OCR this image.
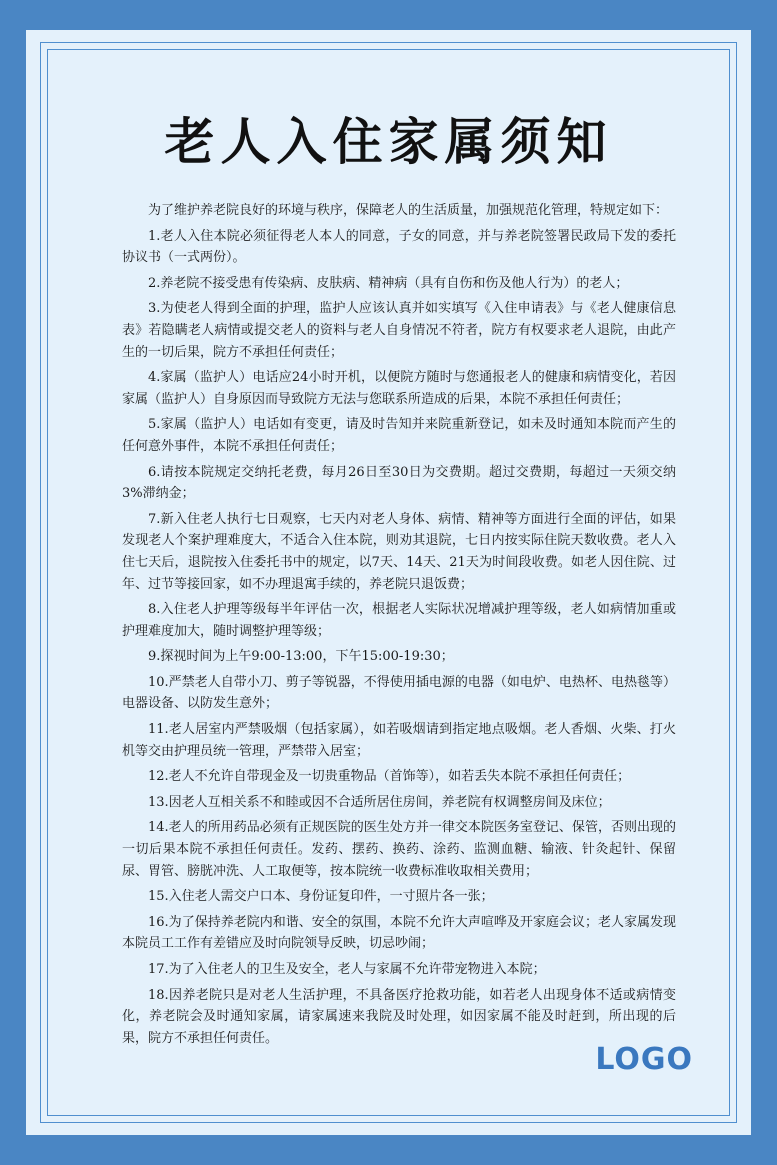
老人入住家属须知

为了维护养老院良好的环境与秩序，保障老人的生活质量，加强规范化管理，特规定如下：

1.老人入住本院必须征得老人本人的同意，子女的同意，并与养老院签署民政局下发的委托协议书（一式两份）。

2.养老院不接受患有传染病、皮肤病、精神病（具有自伤和伤及他人行为）的老人；

3.为使老人得到全面的护理，监护人应该认真并如实填写《入住申请表》与《老人健康信息表》若隐瞒老人病情或提交老人的资料与老人自身情况不符者，院方有权要求老人退院，由此产生的一切后果，院方不承担任何责任；

4.家属（监护人）电话应24小时开机，以便院方随时与您通报老人的健康和病情变化，若因家属（监护人）自身原因而导致院方无法与您联系所造成的后果，本院不承担任何责任；

5.家属（监护人）电话如有变更，请及时告知并来院重新登记，如未及时通知本院而产生的任何意外事件，本院不承担任何责任；

6.请按本院规定交纳托老费，每月26日至30日为交费期。超过交费期，每超过一天须交纳3%滞纳金；

7.新入住老人执行七日观察，七天内对老人身体、病情、精神等方面进行全面的评估，如果发现老人个案护理难度大，不适合入住本院，则劝其退院，七日内按实际住院天数收费。老人入住七天后，退院按入住委托书中的规定，以7天、14天、21天为时间段收费。如老人因住院、过年、过节等接回家，如不办理退寓手续的，养老院只退饭费；

8.入住老人护理等级每半年评估一次，根据老人实际状况增减护理等级，老人如病情加重或护理难度加大，随时调整护理等级；

9.探视时间为上午9:00-13:00，下午15:00-19:30；

10.严禁老人自带小刀、剪子等锐器，不得使用插电源的电器（如电炉、电热杯、电热毯等）电器设备、以防发生意外；

11.老人居室内严禁吸烟（包括家属），如若吸烟请到指定地点吸烟。老人香烟、火柴、打火机等交由护理员统一管理，严禁带入居室；

12.老人不允许自带现金及一切贵重物品（首饰等），如若丢失本院不承担任何责任；

13.因老人互相关系不和睦或因不合适所居住房间，养老院有权调整房间及床位；

14.老人的所用药品必须有正规医院的医生处方并一律交本院医务室登记、保管，否则出现的一切后果本院不承担任何责任。发药、摆药、换药、涂药、监测血糖、输液、针灸起针、保留尿、胃管、膀胱冲洗、人工取便等，按本院统一收费标准收取相关费用；

15.入住老人需交户口本、身份证复印件，一寸照片各一张；

16.为了保持养老院内和谐、安全的氛围，本院不允许大声喧哗及开家庭会议；老人家属发现本院员工工作有差错应及时向院领导反映，切忌吵闹；

17.为了入住老人的卫生及安全，老人与家属不允许带宠物进入本院；

18.因养老院只是对老人生活护理，不具备医疗抢救功能，如若老人出现身体不适或病情变化，养老院会及时通知家属，请家属速来我院及时处理，如因家属不能及时赶到，所出现的后果，院方不承担任何责任。

LOGO
